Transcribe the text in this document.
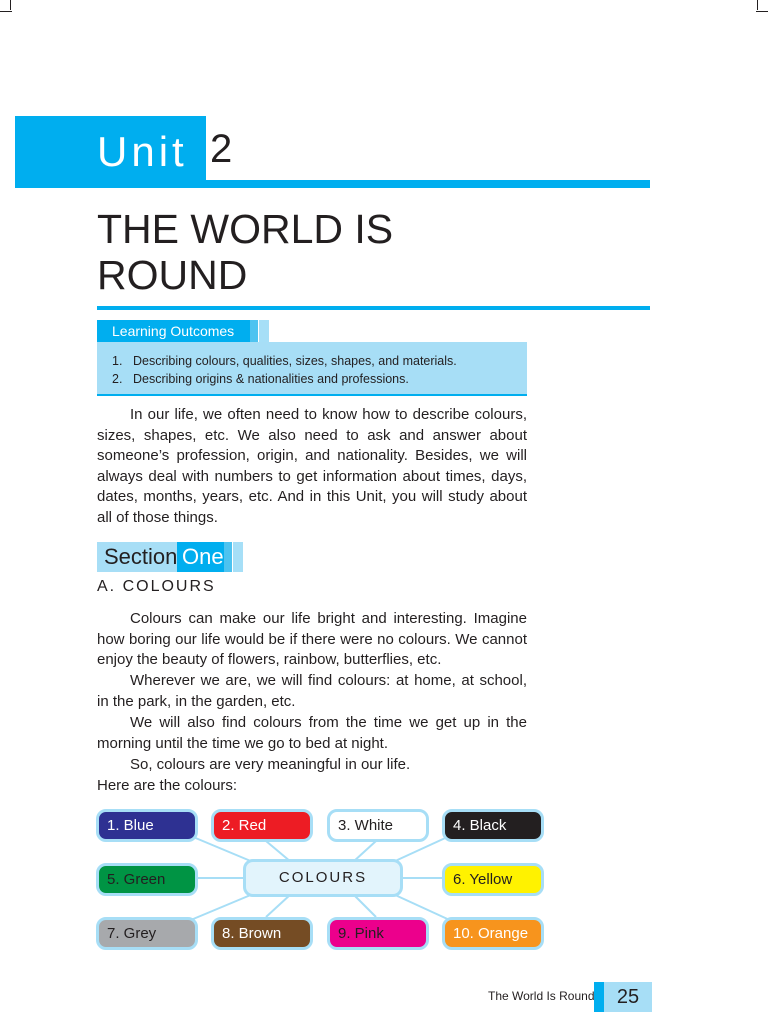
Unit 2
THE WORLD IS
ROUND
Learning Outcomes
1. Describing colours, qualities, sizes, shapes, and materials.
2. Describing origins & nationalities and professions.

In our life, we often need to know how to describe colours, sizes, shapes, etc. We also need to ask and answer about someone’s profession, origin, and nationality. Besides, we will always deal with numbers to get information about times, days, dates, months, years, etc. And in this Unit, you will study about all of those things.

Section One
A. COLOURS

Colours can make our life bright and interesting. Imagine how boring our life would be if there were no colours. We cannot enjoy the beauty of flowers, rainbow, butterflies, etc.

Wherever we are, we will find colours: at home, at school, in the park, in the garden, etc.

We will also find colours from the time we get up in the morning until the time we go to bed at night.

So, colours are very meaningful in our life.

Here are the colours:

COLOURS
1. Blue	2. Red	3. White	4. Black
5. Green	6. Yellow
7. Grey	8. Brown	9. Pink	10. Orange
The World Is Round	25
